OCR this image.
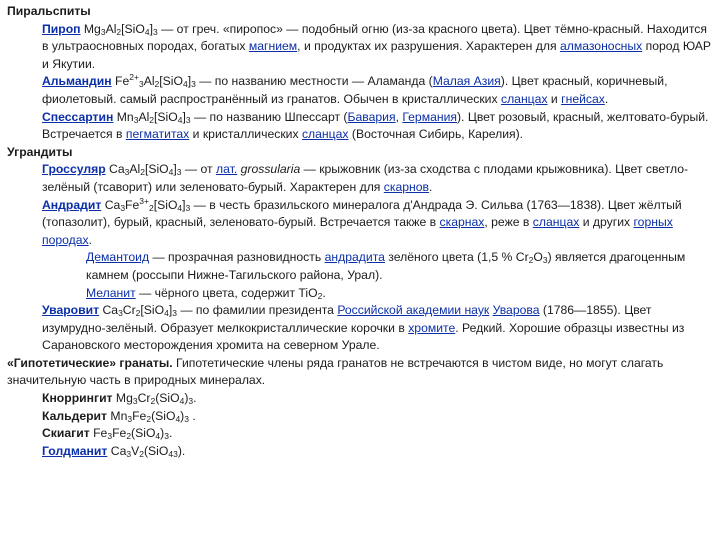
Пиральспиты

Пироп $Mg_3Al_2[SiO_4]_3$ — от греч. «пиропос» — подобный огню (из-за красного цвета). Цвет тёмно-красный. Находится в ультраосновных породах, богатых магнием, и продуктах их разрушения. Характерен для алмазоносных пород ЮАР и Якутии.

Альмандин $Fe^{2+}_3Al_2[SiO_4]_3$ — по названию местности — Аламанда (Малая Азия). Цвет красный, коричневый, фиолетовый. самый распространённый из гранатов. Обычен в кристаллических сланцах и гнейсах.

Спессартин $Mn_3Al_2[SiO_4]_3$ — по названию Шпессарт (Бавария, Германия). Цвет розовый, красный, желтовато-бурый. Встречается в пегматитах и кристаллических сланцах (Восточная Сибирь, Карелия).

Уграндиты

Гроссуляр $Ca_3Al_2[SiO_4]_3$ — от лат. grossularia — крыжовник (из-за сходства с плодами крыжовника). Цвет светло-зелёный (тсаворит) или зеленовато-бурый. Характерен для скарнов.

Андрадит $Ca_3Fe^{3+}_2[SiO_4]_3$ — в честь бразильского минералога д'Андрада Э. Сильва (1763—1838). Цвет жёлтый (топазолит), бурый, красный, зеленовато-бурый. Встречается также в скарнах, реже в сланцах и других горных породах.

Демантоид — прозрачная разновидность андрадита зелёного цвета (1,5 % $Cr_2O_3$) является драгоценным камнем (россыпи Нижне-Тагильского района, Урал).

Меланит — чёрного цвета, содержит TiO$_2$.

Уваровит $Ca_3Cr_2[SiO_4]_3$ — по фамилии президента Российской академии наук Уварова (1786—1855). Цвет изумрудно-зелёный. Образует мелкокристаллические корочки в хромите. Редкий. Хорошие образцы известны из Сарановского месторождения хромита на северном Урале.

«Гипотетические» гранаты. Гипотетические члены ряда гранатов не встречаются в чистом виде, но могут слагать значительную часть в природных минералах.

Кноррингит $Mg_3Cr_2(SiO_4)_3$.

Кальдерит $Mn_3Fe_2(SiO_4)_3$ .

Скиагит $Fe_3Fe_2(SiO_4)_3$.

Голдманит $Ca_3V_2(SiO_{43})$.
